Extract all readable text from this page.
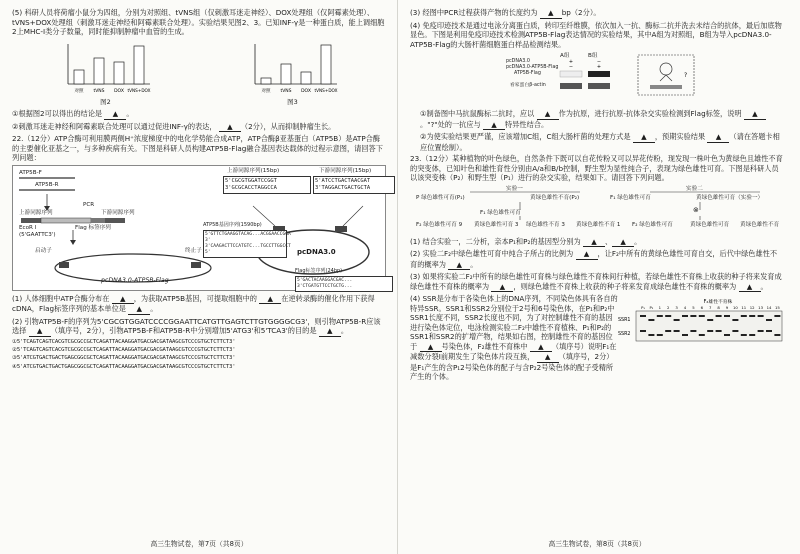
(5) 科研人员将荷瘤小鼠分为四组，分别为对照组、tVNS组（仅刺激耳迷走神经）、DOX处理组（仅阿霉素处理）、tVNS+DOX处理组（刺激耳迷走神经和阿霉素联合处理）。实验结果见图2、3。已知INF-γ是一种蛋白质，能上调细胞2上MHC-I类分子数量，同时能抑制肿瘤中血管的生成。

对照 tVNS DOX tVNS+DOX
图2
对照 tVNS DOX tVNS+DOX
图3

①根据图2可以得出的结论是 ▲ 。

②刺激耳迷走神经和阿霉素联合处理可以通过促进INF-γ的表达， ▲ （2分），从而抑制肿瘤生长。

22.（12分）ATP合酶可利用膜两侧H⁺浓度梯度中的电化学势能合成ATP，ATP合酶β亚基蛋白（ATP5B）是ATP合酶的主要催化亚基之一，与多种疾病有关。下图是科研人员构建ATP5B-Flag融合基因表达载体的过程示意图，请回答下列问题：

ATP5B-F
ATP5B-R
PCR
上游同源序列	下游同源序列
EcoR I
(5'GAATTC3')
Flag 标签序列
启动子	终止子
pcDNA3.0-ATP5B-Flag
pcDNA3.0
上游同源序列(15bp)	下游同源序列(15bp)
5'CGCGTGGATCCGGT 3'GCGCACCTAGGCCA
5'ATCCTGACTAACGAT 3'TAGGACTGACTGCTA
ATP5B基因序列(1590bp)
5'GTTCTGAAGGTACAG...ACGGAACCGGA 3' 3'CAAGACTTCCATGTC...TGCCTTGGCCT 5'
Flag标签序列(24bp)
5'GACTACAAGGACGAC... 3'CTGATGTTCCTGCTG...

(1) 人体细胞中ATP合酶分布在 ▲ ，为获取ATP5B基因，可提取细胞中的 ▲ 在逆转录酶的催化作用下获得cDNA，Flag标签序列的基本单位是 ▲ 。

(2) 引物ATP5B-F的序列为5'CGCGTGGATCCCCGGAATTCATGTTGAGTCTTGTGGGGCG3'，则引物ATP5B-R应该选择 ▲ （填序号，2分），引物ATP5B-F和ATP5B-R中分别增加5'ATG3'和5'TCA3'的目的是 ▲ 。

①5'TCAGTCAGTCACGTCGCGCCGCTCAGATTACAAGGATGACGACGATAAGCGTCCCGTGCTCTTCT3'

②5'TCAGTCAGTCACGTCGCGCCGCTCAGATTACAAGGATGACGACGATAAGCGTCCCGTGCTCTTCT3'

③5'ATCGTGACTGACTGAGCGGCGCTCAGATTACAAGGATGACGACGATAAGCGTCCCGTGCTCTTCT3'

④5'ATCGTGACTGACTGAGCGGCGCTCAGATTACAAGGATGACGACGATAAGCGTCCCGTGCTCTTCT3'

高三生物试卷，第7页（共8页）

(3) 经图中PCR过程获得产物的长度约为 ▲ bp（2分）。

(4) 免疫印迹技术是通过电泳分离蛋白质，转印至纤维膜，依次加入一抗、酶标二抗并洗去未结合的抗体，最后加底物显色。下图是利用免疫印迹技术检测ATP5B-Flag表达情况的实验结果，其中A组为对照组，B组为导入pcDNA3.0-ATP5B-Flag的大肠杆菌细胞蛋白样品检测结果。

+	−
−	+
?
A组	B组
pcDNA3.0
pcDNA3.0-ATP5B-Flag
ATP5B-Flag
看家蛋白β-actin

①制备图中马抗鼠酶标二抗时，应以 ▲ 作为抗原，进行抗原-抗体杂交实验检测到Flag标签，说明 ▲。"?"处的一抗应与 ▲ 特异性结合。

②为使实验结果更严谨，应该增加C组，C组大肠杆菌的处理方式是 ▲ ，预期实验结果 ▲ （请在答题卡相应位置绘制）。

23.（12分）某种植物的叶色绿色，自然条件下既可以自花传粉又可以异花传粉，现发现一株叶色为黄绿色且雄性不育的突变体，已知叶色和雄性育性分别由A/a和B/b控制，野生型为显性纯合子，表现为绿色雄性可育。下图是科研人员以该突变株（P₂）和野生型（P₁）进行的杂交实验，结果如下。请回答下列问题。

实验一	实验二
P 绿色雄性可育(P₁)	黄绿色雄性不育(P₂)	F₁ 绿色雄性可育	黄绿色雄性可育（实验一）
F₁ 绿色雄性可育	⊗
F₂ 绿色雄性可育 9 黄绿色雄性可育 3 绿色雄性不育 3 黄绿色雄性不育 1 F₂ 绿色雄性可育	黄绿色雄性可育 黄绿色雄性不育

(1) 结合实验一，二分析，亲本P₁和P₂的基因型分别为 ▲ 、 ▲ 。

(2) 实验二F₂中绿色雄性可育中纯合子所占的比例为 ▲ ，让F₂中所有的黄绿色雄性可育自交，后代中绿色雄性不育的概率为 ▲ 。

(3) 如果将实验二F₂中所有的绿色雄性可育株与绿色雄性不育株间行种植，若绿色雄性不育株上收获的种子将来发育成绿色雄性不育株的概率为 ▲ ，则绿色雄性不育株上收获的种子将来发育成绿色雄性不育株的概率为 ▲ 。

(4) SSR是分布于各染色体上的DNA序列，不同染色体具有各自的特异SSR。SSR1和SSR2分别位于2号和6号染色体，在P₁和P₂中SSR1长度不同，SSR2长度也不同，为了对控制雄性不育的基因进行染色体定位，电泳检测实验二F₂中雄性不育植株、P₁和P₂的SSR1和SSR2的扩增产物，结果如右图，控制雄性不育的基因位于 ▲ 号染色体，F₂雄性不育株中 ▲ （填序号）说明F₁在减数分裂I前期发生了染色体片段互换， ▲ （填序号，2分）是F₁产生的含P₁2号染色体的配子与含P₂2号染色体的配子受精所产生的个体。

F₂雄性不育株
SSR1
SSR2
P₁ P₂ 1 2 3 4 5 6 7 8 9 10 11 12 13 14 15
高三生物试卷，第8页（共8页）
